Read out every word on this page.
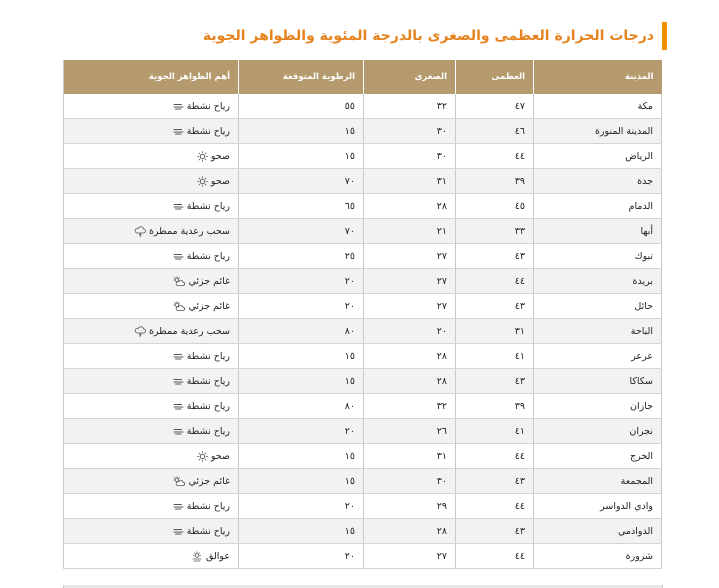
درجات الحرارة العظمى والصغرى بالدرجة المئوية والظواهر الجوية
المدينة	العظمى	الصغرى	الرطوبة المتوقعة	أهم الظواهر الجوية
مكة	٤٧	٣٢	٥٥	رياح نشطة

المدينة المنورة	٤٦	٣٠	١٥	رياح نشطة

الرياض	٤٤	٣٠	١٥	صحو

جدة	٣٩	٣١	٧٠	صحو

الدمام	٤٥	٢٨	٦٥	رياح نشطة

أبها	٣٣	٢١	٧٠	سحب رعدية ممطرة

تبوك	٤٣	٢٧	٢٥	رياح نشطة

بريدة	٤٤	٢٧	٢٠	غائم جزئي

حائل	٤٣	٢٧	٢٠	غائم جزئي

الباحة	٣١	٢٠	٨٠	سحب رعدية ممطرة

عرعر	٤١	٢٨	١٥	رياح نشطة

سكاكا	٤٣	٢٨	١٥	رياح نشطة

جازان	٣٩	٣٢	٨٠	رياح نشطة

نجران	٤١	٢٦	٢٠	رياح نشطة

الخرج	٤٤	٣١	١٥	صحو

المجمعة	٤٣	٣٠	١٥	غائم جزئي

وادي الدواسر	٤٤	٢٩	٢٠	رياح نشطة

الدوادمي	٤٣	٢٨	١٥	رياح نشطة

شرورة	٤٤	٢٧	٢٠	عوالق
